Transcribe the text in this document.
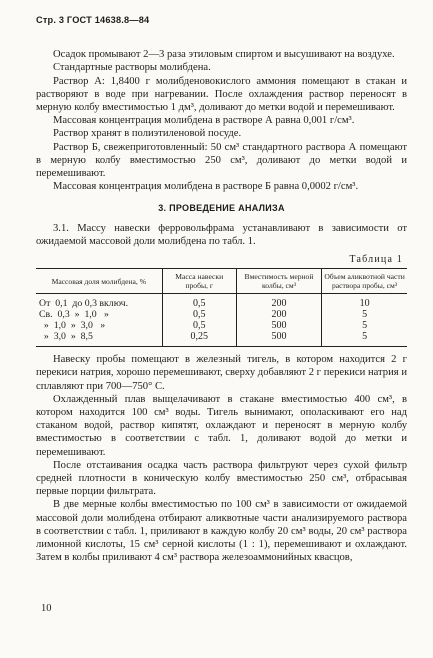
Стр. 3 ГОСТ 14638.8—84

Осадок промывают 2—3 раза этиловым спиртом и высушивают на воздухе.

Стандартные растворы молибдена.

Раствор А: 1,8400 г молибденовокислого аммония помещают в стакан и растворяют в воде при нагревании. После охлаждения раствор переносят в мерную колбу вместимостью 1 дм³, доливают до метки водой и перемешивают.

Массовая концентрация молибдена в растворе А равна 0,001 г/см³.

Раствор хранят в полиэтиленовой посуде.

Раствор Б, свежеприготовленный: 50 см³ стандартного раствора А помещают в мерную колбу вместимостью 250 см³, доливают до метки водой и перемешивают.

Массовая концентрация молибдена в растворе Б равна 0,0002 г/см³.

3. ПРОВЕДЕНИЕ АНАЛИЗА

3.1. Массу навески ферровольфрама устанавливают в зависимости от ожидаемой массовой доли молибдена по табл. 1.

Таблица 1
Массовая доля молибдена, %	Масса навески пробы, г	Вместимость мерной колбы, см³	Объем аликвотной части раствора пробы, см³
От  0,1  до 0,3 включ.	0,5	200	10
Св.  0,3  »  1,0   »	0,5	200	5
»  1,0  »  3,0   »	0,5	500	5
»  3,0  »  8,5	0,25	500	5

Навеску пробы помещают в железный тигель, в котором находится 2 г перекиси натрия, хорошо перемешивают, сверху добавляют 2 г перекиси натрия и сплавляют при 700—750° С.

Охлажденный плав выщелачивают в стакане вместимостью 400 см³, в котором находится 100 см³ воды. Тигель вынимают, ополаскивают его над стаканом водой, раствор кипятят, охлаждают и переносят в мерную колбу вместимостью в соответствии с табл. 1, доливают водой до метки и перемешивают.

После отстаивания осадка часть раствора фильтруют через сухой фильтр средней плотности в коническую колбу вместимостью 250 см³, отбрасывая первые порции фильтрата.

В две мерные колбы вместимостью по 100 см³ в зависимости от ожидаемой массовой доли молибдена отбирают аликвотные части анализируемого раствора в соответствии с табл. 1, приливают в каждую колбу 20 см³ воды, 20 см³ раствора лимонной кислоты, 15 см³ серной кислоты (1 : 1), перемешивают и охлаждают. Затем в колбы приливают 4 см³ раствора железоаммонийных квасцов,

10
